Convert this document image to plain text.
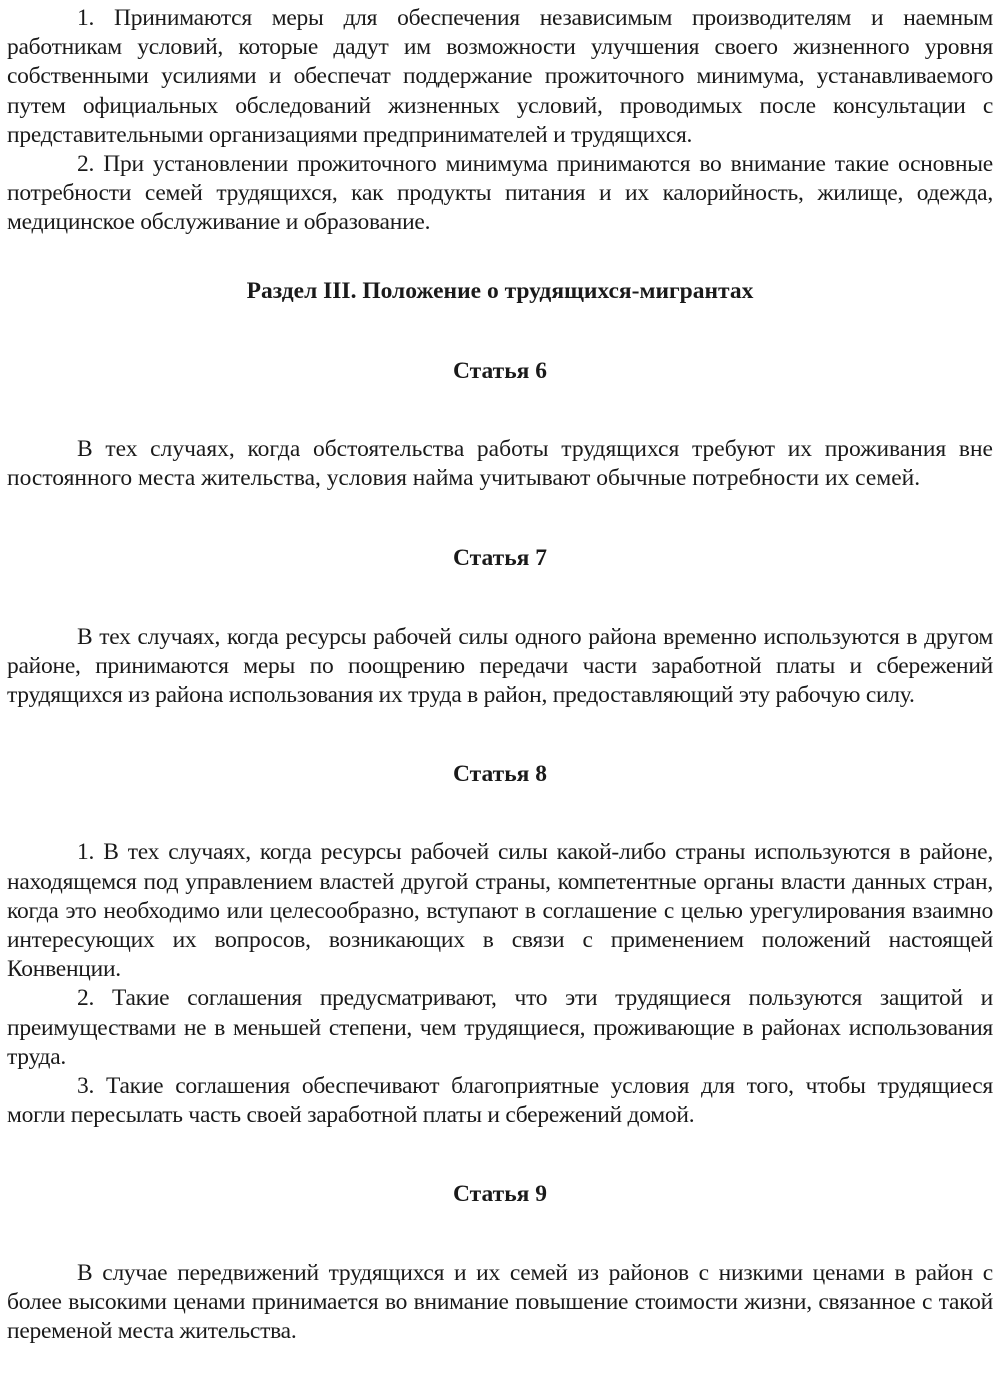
1. Принимаются меры для обеспечения независимым производителям и наемным работникам условий, которые дадут им возможности улучшения своего жизненного уровня собственными усилиями и обеспечат поддержание прожиточного минимума, устанавливаемого путем официальных обследований жизненных условий, проводимых после консультации с представительными организациями предпринимателей и трудящихся.

2. При установлении прожиточного минимума принимаются во внимание такие основные потребности семей трудящихся, как продукты питания и их калорийность, жилище, одежда, медицинское обслуживание и образование.

Раздел III. Положение о трудящихся-мигрантах
Статья 6

В тех случаях, когда обстоятельства работы трудящихся требуют их проживания вне постоянного места жительства, условия найма учитывают обычные потребности их семей.

Статья 7

В тех случаях, когда ресурсы рабочей силы одного района временно используются в другом районе, принимаются меры по поощрению передачи части заработной платы и сбережений трудящихся из района использования их труда в район, предоставляющий эту рабочую силу.

Статья 8

1. В тех случаях, когда ресурсы рабочей силы какой-либо страны используются в районе, находящемся под управлением властей другой страны, компетентные органы власти данных стран, когда это необходимо или целесообразно, вступают в соглашение с целью урегулирования взаимно интересующих их вопросов, возникающих в связи с применением положений настоящей Конвенции.

2. Такие соглашения предусматривают, что эти трудящиеся пользуются защитой и преимуществами не в меньшей степени, чем трудящиеся, проживающие в районах использования труда.

3. Такие соглашения обеспечивают благоприятные условия для того, чтобы трудящиеся могли пересылать часть своей заработной платы и сбережений домой.

Статья 9

В случае передвижений трудящихся и их семей из районов с низкими ценами в район с более высокими ценами принимается во внимание повышение стоимости жизни, связанное с такой переменой места жительства.
